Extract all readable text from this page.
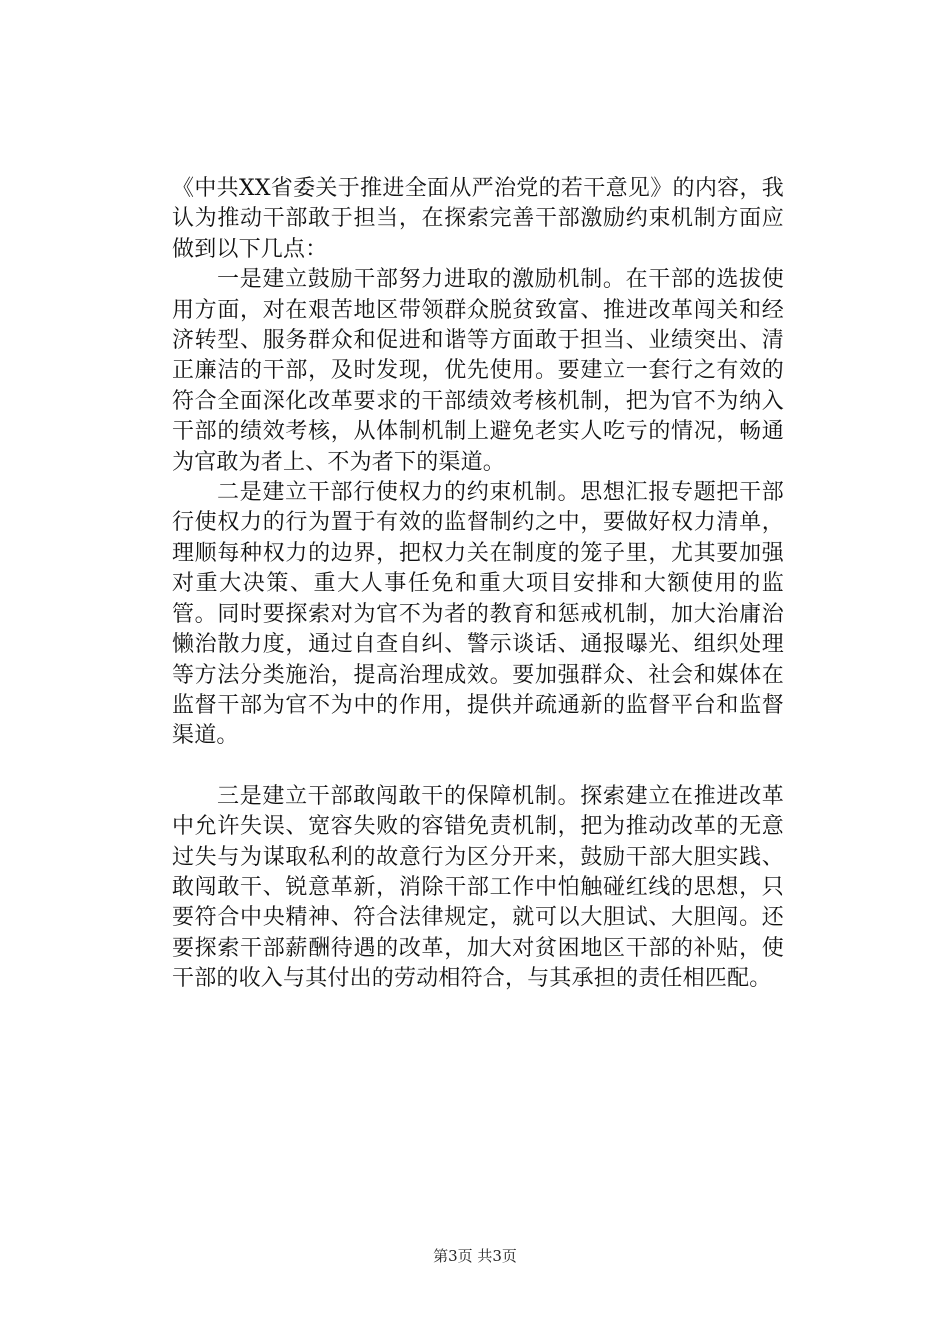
《中共XX省委关于推进全面从严治党的若干意见》的内容，我认为推动干部敢于担当，在探索完善干部激励约束机制方面应做到以下几点：

一是建立鼓励干部努力进取的激励机制。在干部的选拔使用方面，对在艰苦地区带领群众脱贫致富、推进改革闯关和经济转型、服务群众和促进和谐等方面敢于担当、业绩突出、清正廉洁的干部，及时发现，优先使用。要建立一套行之有效的符合全面深化改革要求的干部绩效考核机制，把为官不为纳入干部的绩效考核，从体制机制上避免老实人吃亏的情况，畅通为官敢为者上、不为者下的渠道。

二是建立干部行使权力的约束机制。思想汇报专题把干部行使权力的行为置于有效的监督制约之中，要做好权力清单，理顺每种权力的边界，把权力关在制度的笼子里，尤其要加强对重大决策、重大人事任免和重大项目安排和大额使用的监管。同时要探索对为官不为者的教育和惩戒机制，加大治庸治懒治散力度，通过自查自纠、警示谈话、通报曝光、组织处理等方法分类施治，提高治理成效。要加强群众、社会和媒体在监督干部为官不为中的作用，提供并疏通新的监督平台和监督渠道。

三是建立干部敢闯敢干的保障机制。探索建立在推进改革中允许失误、宽容失败的容错免责机制，把为推动改革的无意过失与为谋取私利的故意行为区分开来，鼓励干部大胆实践、敢闯敢干、锐意革新，消除干部工作中怕触碰红线的思想，只要符合中央精神、符合法律规定，就可以大胆试、大胆闯。还要探索干部薪酬待遇的改革，加大对贫困地区干部的补贴，使干部的收入与其付出的劳动相符合，与其承担的责任相匹配。

第3页 共3页
